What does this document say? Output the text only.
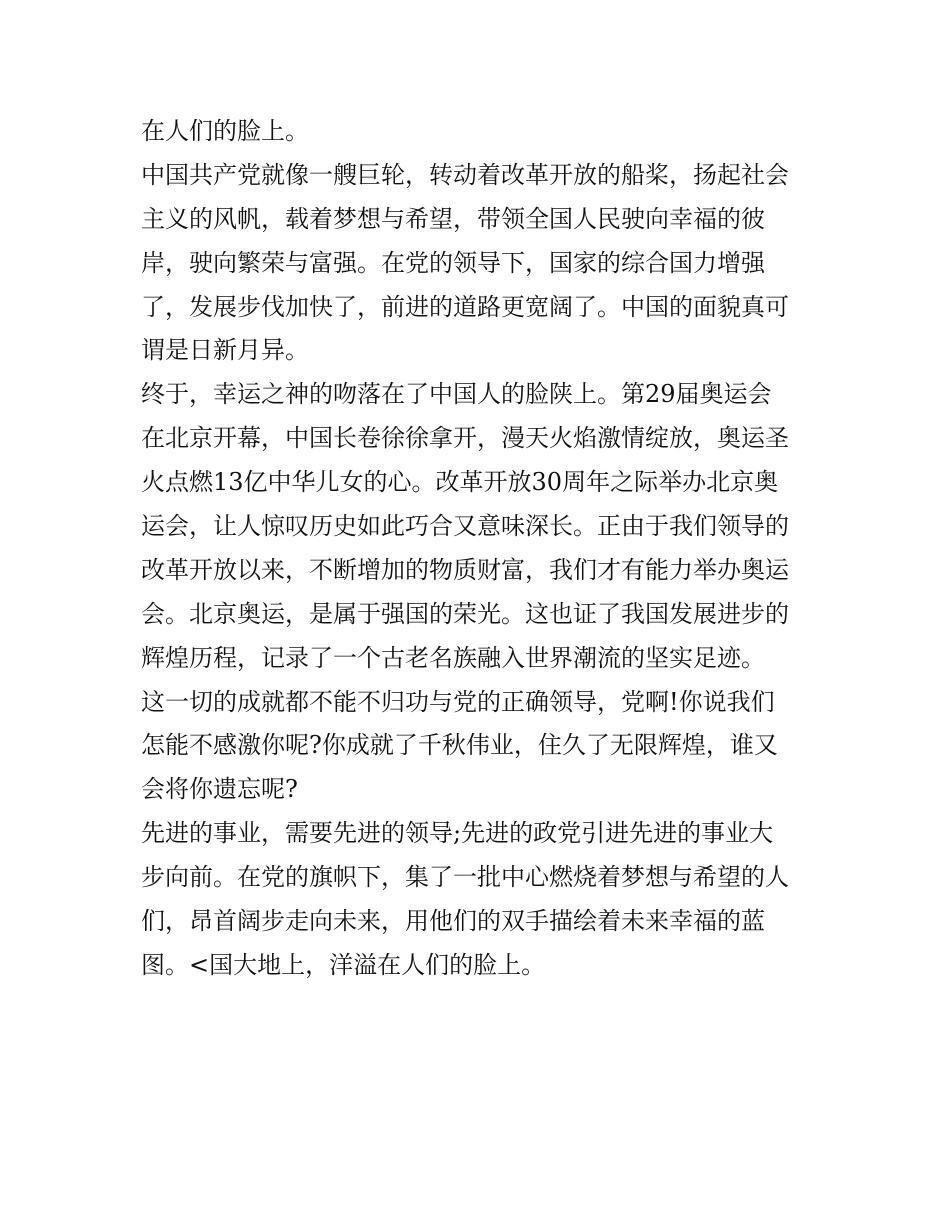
在人们的脸上。
中国共产党就像一艘巨轮，转动着改革开放的船桨，扬起社会
主义的风帆，载着梦想与希望，带领全国人民驶向幸福的彼
岸，驶向繁荣与富强。在党的领导下，国家的综合国力增强
了，发展步伐加快了，前进的道路更宽阔了。中国的面貌真可
谓是日新月异。
终于，幸运之神的吻落在了中国人的脸陕上。第29届奥运会
在北京开幕，中国长卷徐徐拿开，漫天火焰激情绽放，奥运圣
火点燃13亿中华儿女的心。改革开放30周年之际举办北京奥
运会，让人惊叹历史如此巧合又意味深长。正由于我们领导的
改革开放以来，不断增加的物质财富，我们才有能力举办奥运
会。北京奥运，是属于强国的荣光。这也证了我国发展进步的
辉煌历程，记录了一个古老名族融入世界潮流的坚实足迹。
这一切的成就都不能不归功与党的正确领导，党啊!你说我们
怎能不感激你呢?你成就了千秋伟业，住久了无限辉煌，谁又
会将你遗忘呢?
先进的事业，需要先进的领导;先进的政党引进先进的事业大
步向前。在党的旗帜下，集了一批中心燃烧着梦想与希望的人
们，昂首阔步走向未来，用他们的双手描绘着未来幸福的蓝
图。<国大地上，洋溢在人们的脸上。
